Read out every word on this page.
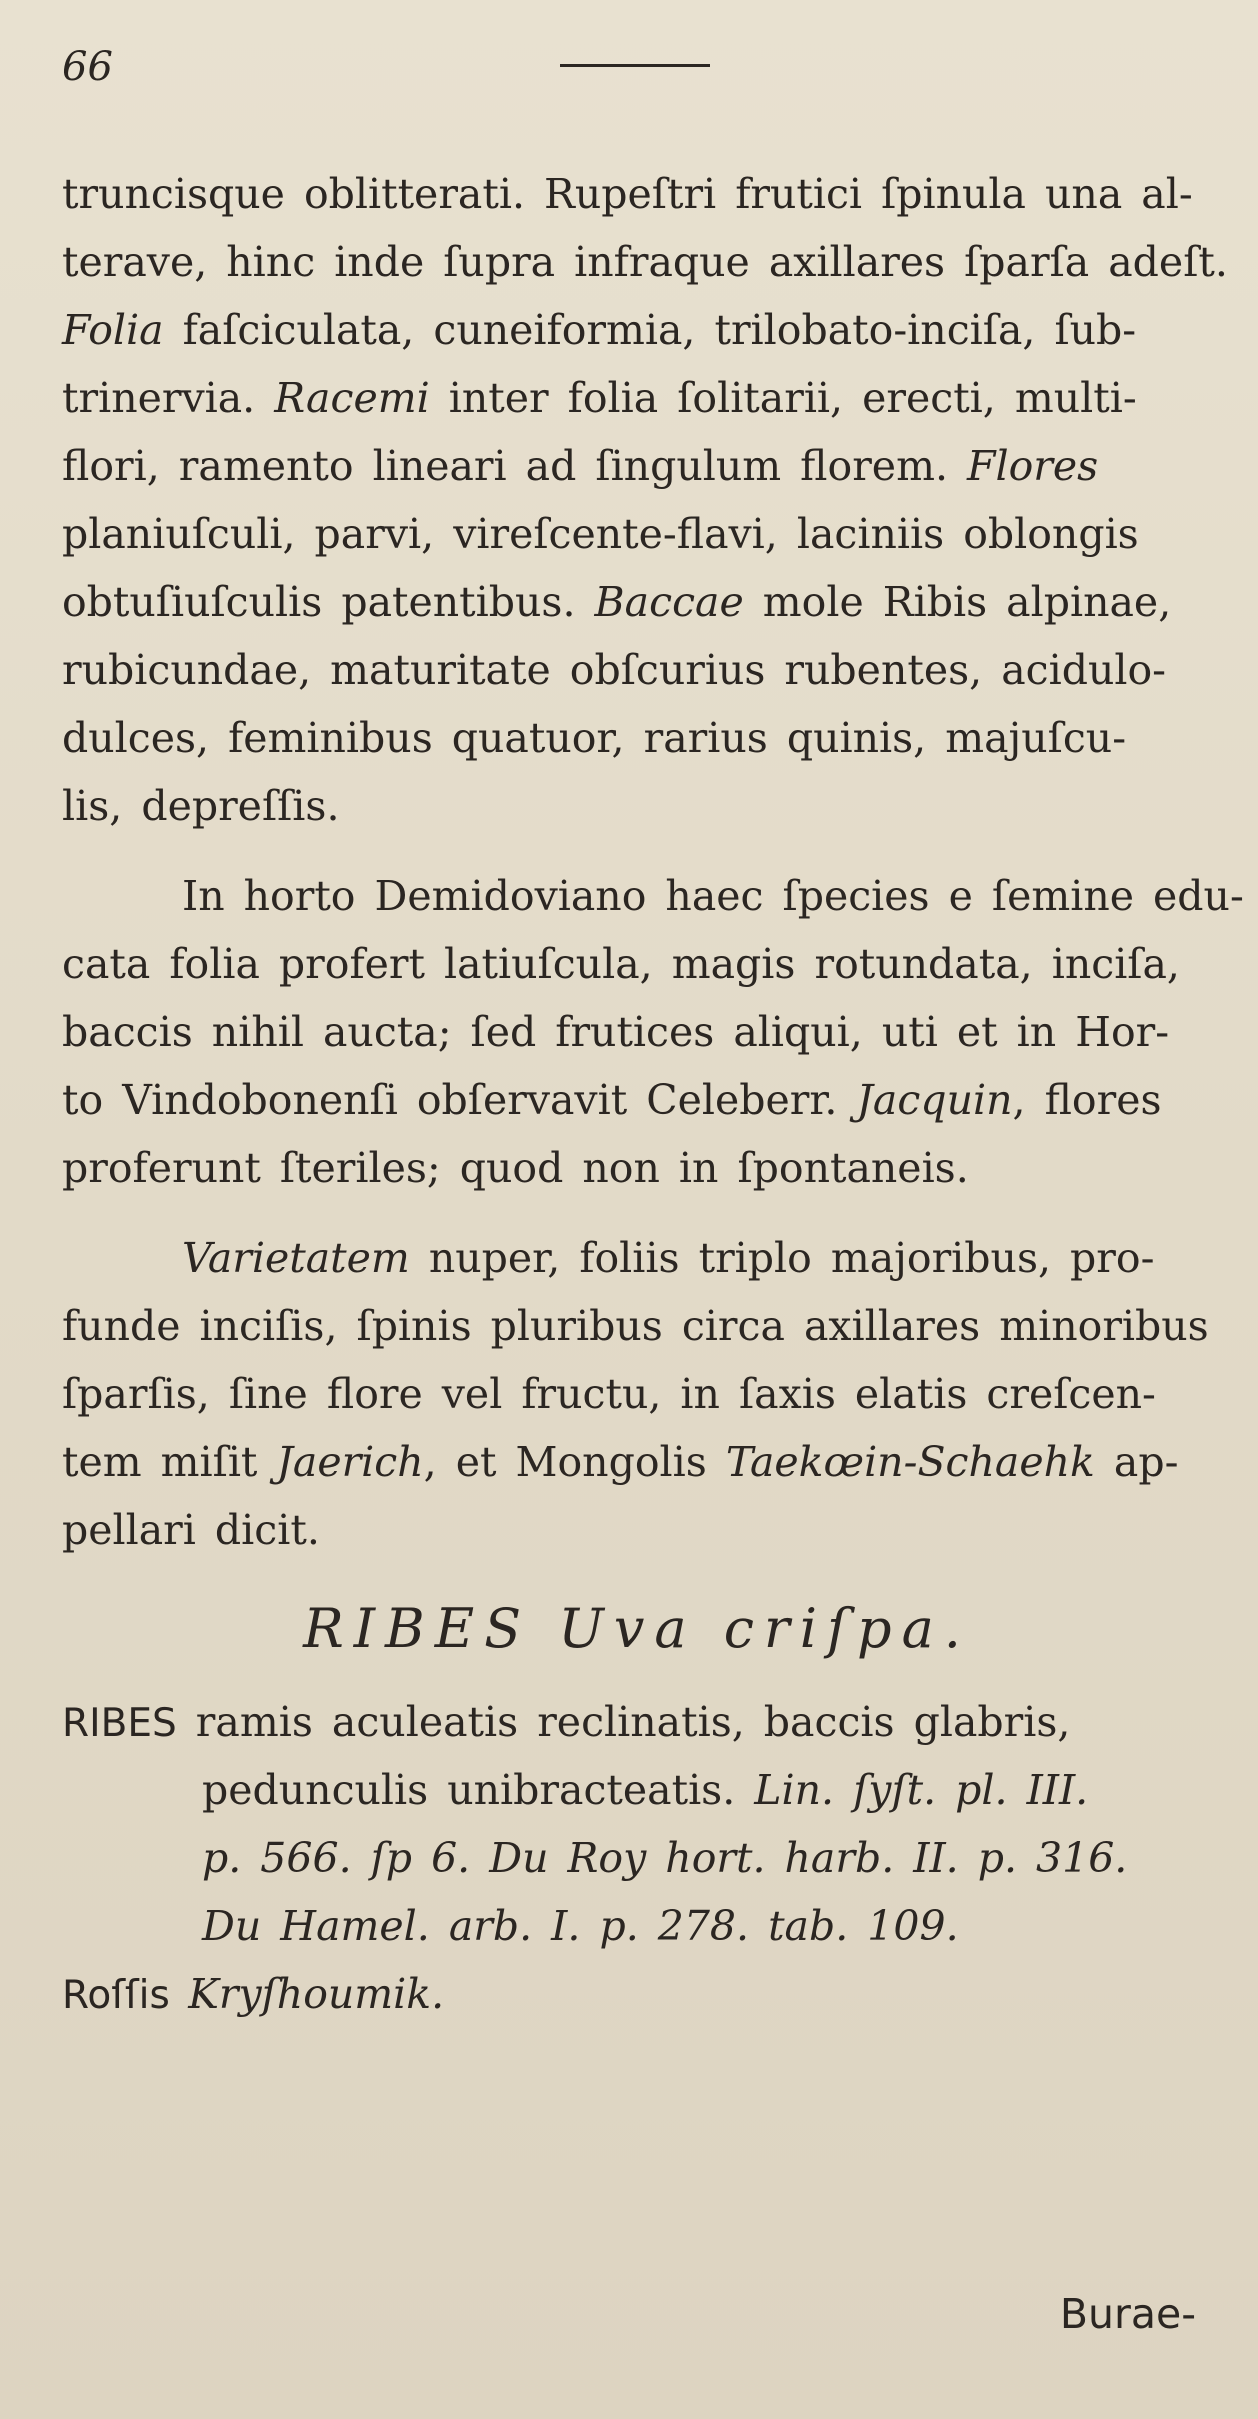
66
truncisque oblitterati. Rupeſtri frutici ſpinula una al-
terave, hinc inde ſupra infraque axillares ſparſa adeſt.
Folia faſciculata, cuneiformia, trilobato-inciſa, ſub-
trinervia. Racemi inter folia ſolitarii, erecti, multi-
flori, ramento lineari ad ſingulum florem. Flores
planiuſculi, parvi, vireſcente-flavi, laciniis oblongis
obtuſiuſculis patentibus. Baccae mole Ribis alpinae,
rubicundae, maturitate obſcurius rubentes, acidulo-
dulces, feminibus quatuor, rarius quinis, majuſcu-
lis, depreſſis.
In horto Demidoviano haec ſpecies e ſemine edu-
cata folia profert latiuſcula, magis rotundata, inciſa,
baccis nihil aucta; ſed frutices aliqui, uti et in Hor-
to Vindobonenſi obſervavit Celeberr. Jacquin, flores
proferunt ſteriles; quod non in ſpontaneis.
Varietatem nuper, foliis triplo majoribus, pro-
funde inciſis, ſpinis pluribus circa axillares minoribus
ſparſis, ſine flore vel fructu, in ſaxis elatis creſcen-
tem miſit Jaerich, et Mongolis Taekœin-Schaehk ap-
pellari dicit.
RIBES Uva criſpa.
RIBES ramis aculeatis reclinatis, baccis glabris,
pedunculis unibracteatis. Lin. ſyſt. pl. III.
p. 566. ſp 6. Du Roy hort. harb. II. p. 316.
Du Hamel. arb. I. p. 278. tab. 109.
Roſſis Kryſhoumik.
Burae-
